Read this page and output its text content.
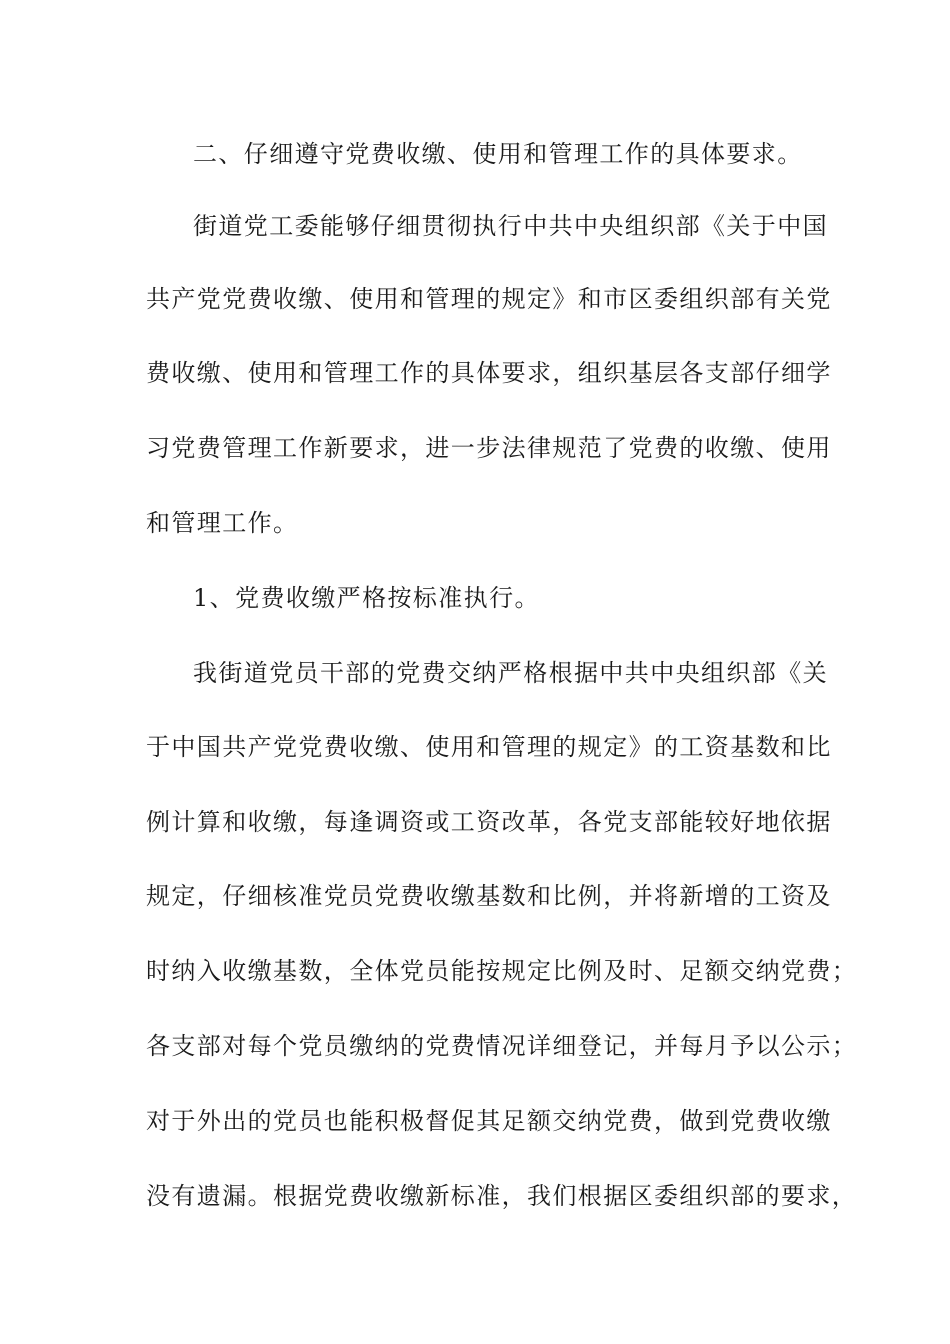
二、仔细遵守党费收缴、使用和管理工作的具体要求。
街道党工委能够仔细贯彻执行中共中央组织部《关于中国
共产党党费收缴、使用和管理的规定》和市区委组织部有关党
费收缴、使用和管理工作的具体要求，组织基层各支部仔细学
习党费管理工作新要求，进一步法律规范了党费的收缴、使用
和管理工作。
1、党费收缴严格按标准执行。
我街道党员干部的党费交纳严格根据中共中央组织部《关
于中国共产党党费收缴、使用和管理的规定》的工资基数和比
例计算和收缴，每逢调资或工资改革，各党支部能较好地依据
规定，仔细核准党员党费收缴基数和比例，并将新增的工资及
时纳入收缴基数，全体党员能按规定比例及时、足额交纳党费；
各支部对每个党员缴纳的党费情况详细登记，并每月予以公示；
对于外出的党员也能积极督促其足额交纳党费，做到党费收缴
没有遗漏。根据党费收缴新标准，我们根据区委组织部的要求，
